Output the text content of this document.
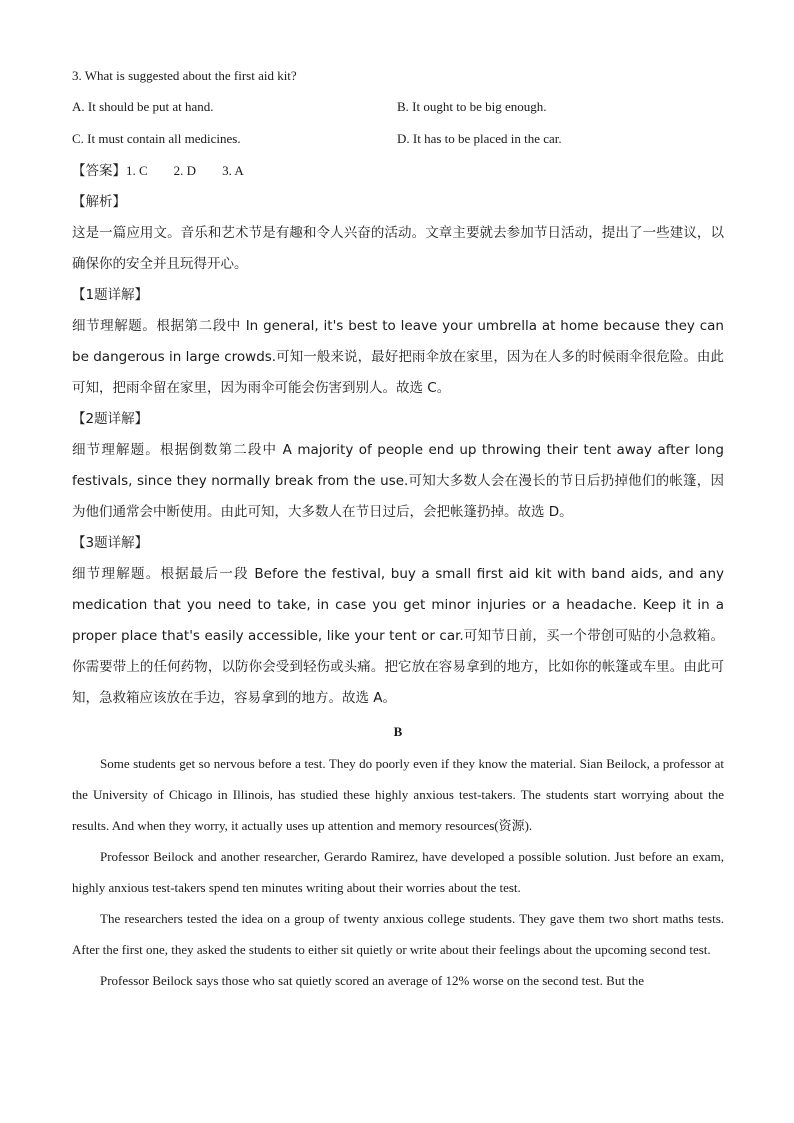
3. What is suggested about the first aid kit?
A. It should be put at hand.	B. It ought to be big enough.
C. It must contain all medicines.	D. It has to be placed in the car.
【答案】1. C 2. D 3. A
【解析】
这是一篇应用文。音乐和艺术节是有趣和令人兴奋的活动。文章主要就去参加节日活动，提出了一些建议，以确保你的安全并且玩得开心。
【1题详解】
细节理解题。根据第二段中 In general, it's best to leave your umbrella at home because they can be dangerous in large crowds.可知一般来说，最好把雨伞放在家里，因为在人多的时候雨伞很危险。由此可知，把雨伞留在家里，因为雨伞可能会伤害到别人。故选 C。
【2题详解】
细节理解题。根据倒数第二段中 A majority of people end up throwing their tent away after long festivals, since they normally break from the use.可知大多数人会在漫长的节日后扔掉他们的帐篷，因为他们通常会中断使用。由此可知，大多数人在节日过后，会把帐篷扔掉。故选 D。
【3题详解】
细节理解题。根据最后一段 Before the festival, buy a small first aid kit with band aids, and any medication that you need to take, in case you get minor injuries or a headache. Keep it in a proper place that's easily accessible, like your tent or car.可知节日前，买一个带创可贴的小急救箱。你需要带上的任何药物，以防你会受到轻伤或头痛。把它放在容易拿到的地方，比如你的帐篷或车里。由此可知，急救箱应该放在手边，容易拿到的地方。故选 A。
B
Some students get so nervous before a test. They do poorly even if they know the material. Sian Beilock, a professor at the University of Chicago in Illinois, has studied these highly anxious test-takers. The students start worrying about the results. And when they worry, it actually uses up attention and memory resources(资源).
Professor Beilock and another researcher, Gerardo Ramirez, have developed a possible solution. Just before an exam, highly anxious test-takers spend ten minutes writing about their worries about the test.
The researchers tested the idea on a group of twenty anxious college students. They gave them two short maths tests. After the first one, they asked the students to either sit quietly or write about their feelings about the upcoming second test.
Professor Beilock says those who sat quietly scored an average of 12% worse on the second test. But the
